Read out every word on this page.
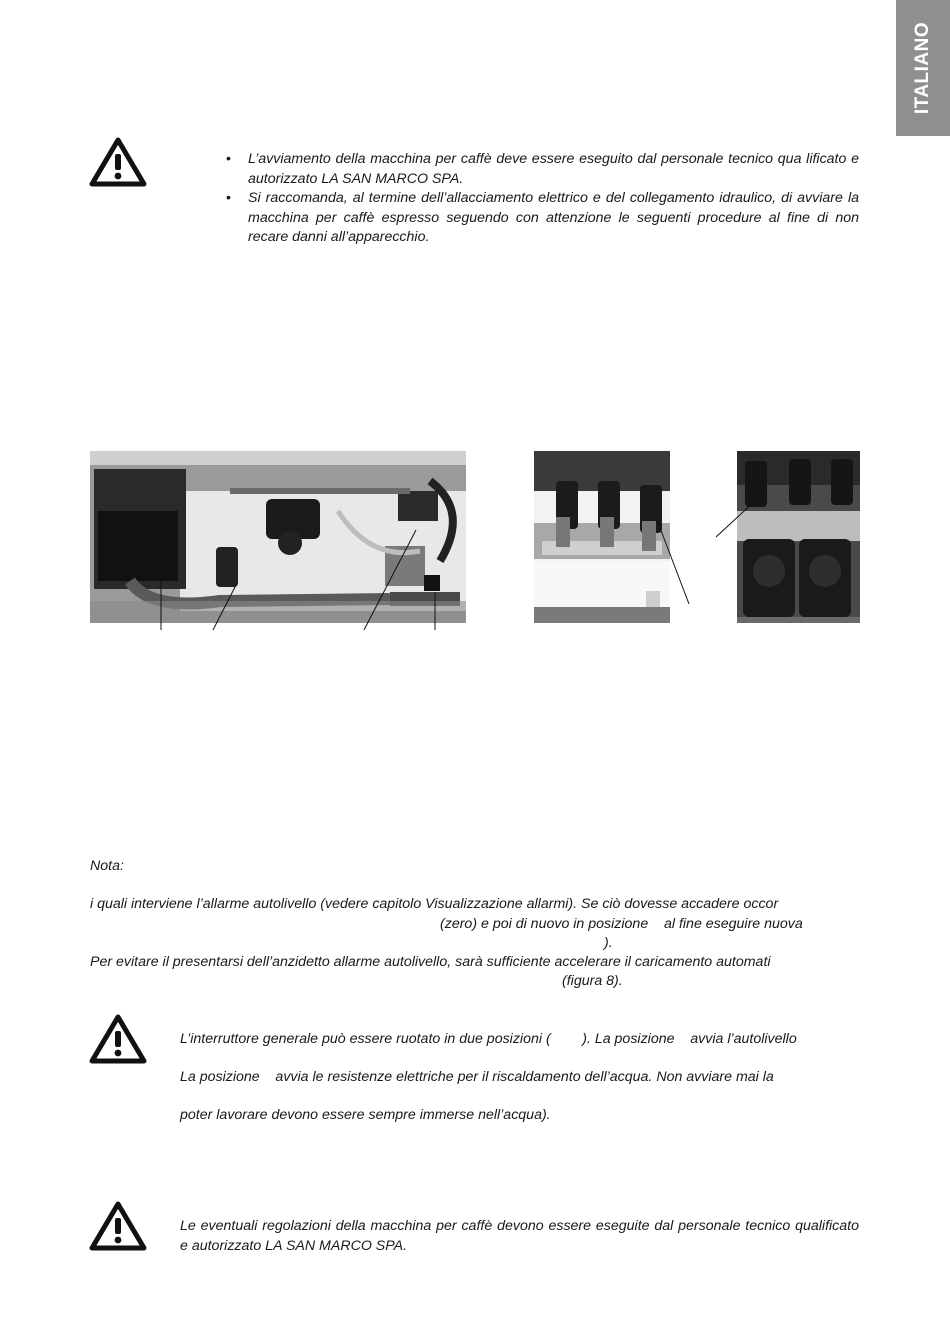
ITALIANO
• L’avviamento della macchina per caffè deve essere eseguito dal personale tecnico qua lificato e autorizzato LA SAN MARCO SPA.
• Si raccomanda, al termine dell’allacciamento elettrico e del collegamento idraulico, di avviare la macchina per caffè espresso seguendo con attenzione le seguenti procedure al fine di non recare danni all’apparecchio.
Nota:
i quali interviene l’allarme autolivello (vedere capitolo Visualizzazione allarmi). Se ciò dovesse accadere occor
(zero) e poi di nuovo in posizione    al fine eseguire nuova
).
Per evitare il presentarsi dell’anzidetto allarme autolivello, sarà sufficiente accelerare il caricamento automati
(figura 8).
L’interruttore generale può essere ruotato in due posizioni (        ). La posizione    avvia l’autolivello
La posizione    avvia le resistenze elettriche per il riscaldamento dell’acqua. Non avviare mai la
poter lavorare devono essere sempre immerse nell’acqua).
Le eventuali regolazioni della macchina per caffè devono essere eseguite dal personale tecnico qualificato e autorizzato LA SAN MARCO SPA.
